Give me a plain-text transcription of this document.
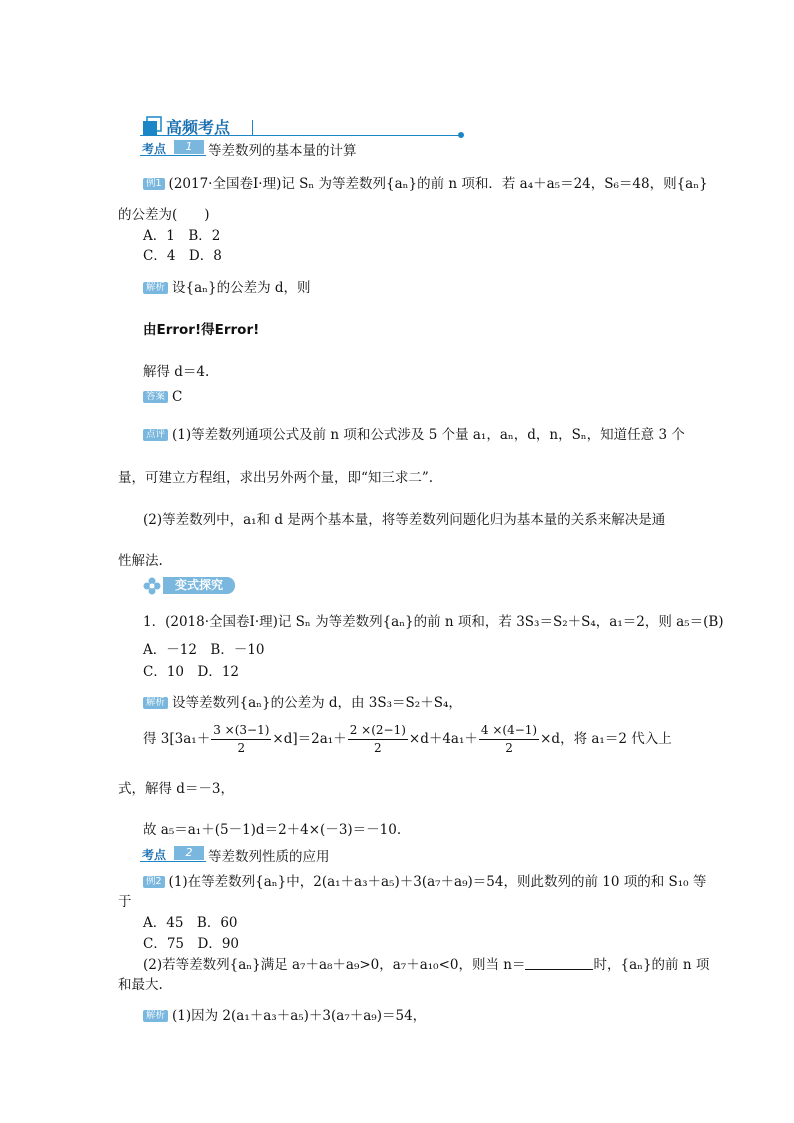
高频考点
考点	1	等差数列的基本量的计算
例1 (2017·全国卷Ⅰ·理)记 Sₙ 为等差数列{aₙ}的前 n 项和．若 a₄＋a₅＝24，S₆＝48，则{aₙ}
的公差为(　　)
A．1　B．2
C．4　D．8
解析 设{aₙ}的公差为 d，则
由Error!得Error!
解得 d＝4.
答案 C
点评 (1)等差数列通项公式及前 n 项和公式涉及 5 个量 a₁，aₙ，d，n，Sₙ，知道任意 3 个
量，可建立方程组，求出另外两个量，即“知三求二”.
(2)等差数列中，a₁和 d 是两个基本量，将等差数列问题化归为基本量的关系来解决是通
性解法.
变式探究
1．(2018·全国卷Ⅰ·理)记 Sₙ 为等差数列{aₙ}的前 n 项和，若 3S₃＝S₂＋S₄，a₁＝2，则 a₅＝(B)
A．－12　B．－10
C．10　D．12
解析 设等差数列{aₙ}的公差为 d，由 3S₃＝S₂＋S₄，
得 $3[3a_1+ \frac{3 \times(3-1)}{2} \times d]=2a_1+ \frac{2 \times(2-1)}{2} \times d+4a_1+ \frac{4 \times(4-1)}{2} \times d$，将 a₁＝2 代入上
式，解得 d＝－3，
故 a₅＝a₁＋(5－1)d＝2＋4×(－3)＝－10.
考点	2	等差数列性质的应用
例2 (1)在等差数列{aₙ}中，2(a₁＋a₃＋a₅)＋3(a₇＋a₉)＝54，则此数列的前 10 项的和 S₁₀ 等
于
A．45　B．60
C．75　D．90
(2)若等差数列{aₙ}满足 a₇＋a₈＋a₉>0，a₇＋a₁₀<0，则当 n＝	时，{aₙ}的前 n 项
和最大.
解析 (1)因为 2(a₁＋a₃＋a₅)＋3(a₇＋a₉)＝54，
